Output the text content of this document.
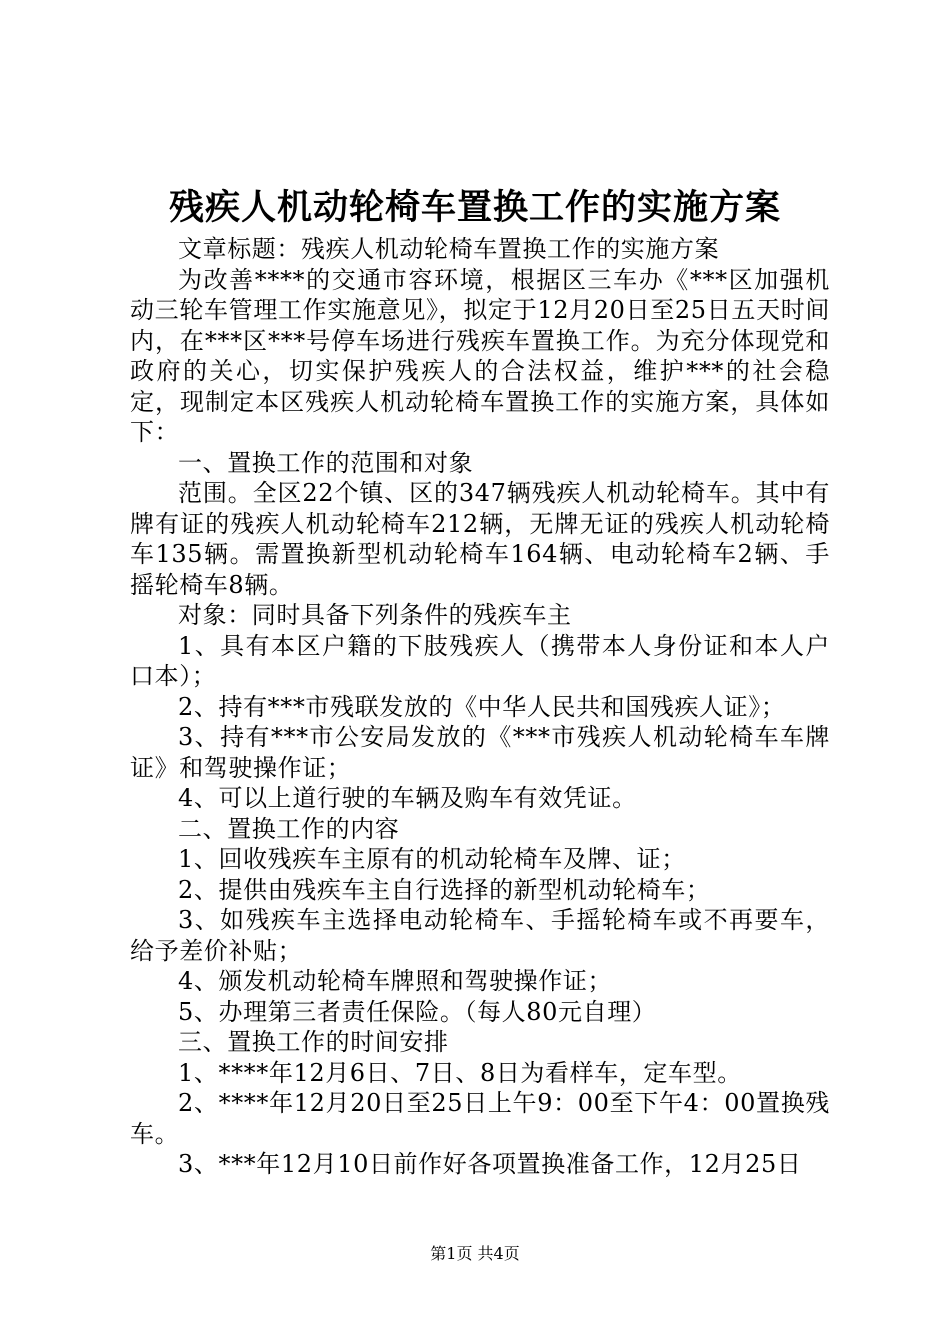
残疾人机动轮椅车置换工作的实施方案

文章标题：残疾人机动轮椅车置换工作的实施方案

为改善****的交通市容环境，根据区三车办《***区加强机动三轮车管理工作实施意见》，拟定于12月20日至25日五天时间内，在***区***号停车场进行残疾车置换工作。为充分体现党和政府的关心，切实保护残疾人的合法权益，维护***的社会稳定，现制定本区残疾人机动轮椅车置换工作的实施方案，具体如下：

一、置换工作的范围和对象

范围。全区22个镇、区的347辆残疾人机动轮椅车。其中有牌有证的残疾人机动轮椅车212辆，无牌无证的残疾人机动轮椅车135辆。需置换新型机动轮椅车164辆、电动轮椅车2辆、手摇轮椅车8辆。

对象：同时具备下列条件的残疾车主

1、具有本区户籍的下肢残疾人（携带本人身份证和本人户口本）；

2、持有***市残联发放的《中华人民共和国残疾人证》；

3、持有***市公安局发放的《***市残疾人机动轮椅车车牌证》和驾驶操作证；

4、可以上道行驶的车辆及购车有效凭证。

二、置换工作的内容

1、回收残疾车主原有的机动轮椅车及牌、证；

2、提供由残疾车主自行选择的新型机动轮椅车；

3、如残疾车主选择电动轮椅车、手摇轮椅车或不再要车，给予差价补贴；

4、颁发机动轮椅车牌照和驾驶操作证；

5、办理第三者责任保险。（每人80元自理）

三、置换工作的时间安排

1、****年12月6日、7日、8日为看样车，定车型。

2、****年12月20日至25日上午9：00至下午4：00置换残车。

3、***年12月10日前作好各项置换准备工作，12月25日

第1页 共4页
